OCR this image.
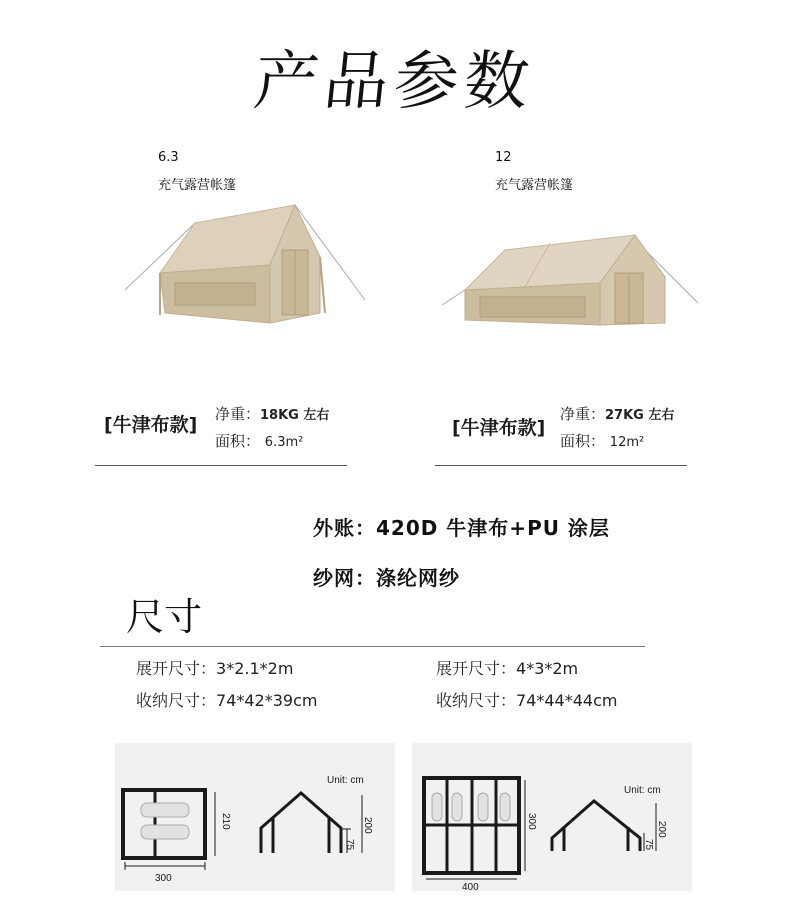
产品参数
6.3
充气露营帐篷
12
充气露营帐篷
[牛津布款] 净重：18KG 左右
面积： 6.3m²
[牛津布款]
净重：27KG 左右
面积： 12m²
外账：420D 牛津布+PU 涂层
纱网：涤纶网纱
尺寸
展开尺寸：3*2.1*2m
收纳尺寸：74*42*39cm
展开尺寸：4*3*2m
收纳尺寸：74*44*44cm
300
210
Unit: cm
200
75
400
300
Unit: cm
200
75
